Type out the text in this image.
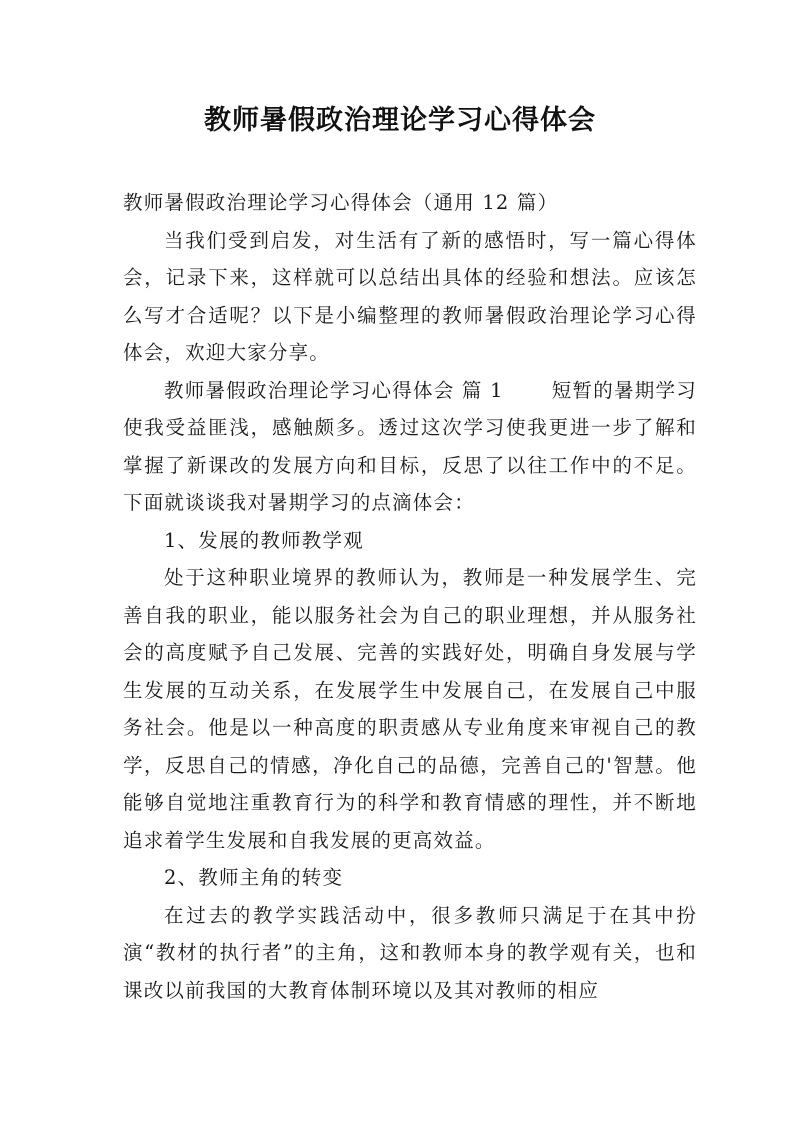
教师暑假政治理论学习心得体会

教师暑假政治理论学习心得体会（通用 12 篇）

当我们受到启发，对生活有了新的感悟时，写一篇心得体会，记录下来，这样就可以总结出具体的经验和想法。应该怎么写才合适呢？以下是小编整理的教师暑假政治理论学习心得体会，欢迎大家分享。

教师暑假政治理论学习心得体会 篇 1 短暂的暑期学习使我受益匪浅，感触颇多。透过这次学习使我更进一步了解和掌握了新课改的发展方向和目标，反思了以往工作中的不足。下面就谈谈我对暑期学习的点滴体会：

1、发展的教师教学观

处于这种职业境界的教师认为，教师是一种发展学生、完善自我的职业，能以服务社会为自己的职业理想，并从服务社会的高度赋予自己发展、完善的实践好处，明确自身发展与学生发展的互动关系，在发展学生中发展自己，在发展自己中服务社会。他是以一种高度的职责感从专业角度来审视自己的教学，反思自己的情感，净化自己的品德，完善自己的'智慧。他能够自觉地注重教育行为的科学和教育情感的理性，并不断地追求着学生发展和自我发展的更高效益。

2、教师主角的转变

在过去的教学实践活动中，很多教师只满足于在其中扮演“教材的执行者”的主角，这和教师本身的教学观有关，也和课改以前我国的大教育体制环境以及其对教师的相应
